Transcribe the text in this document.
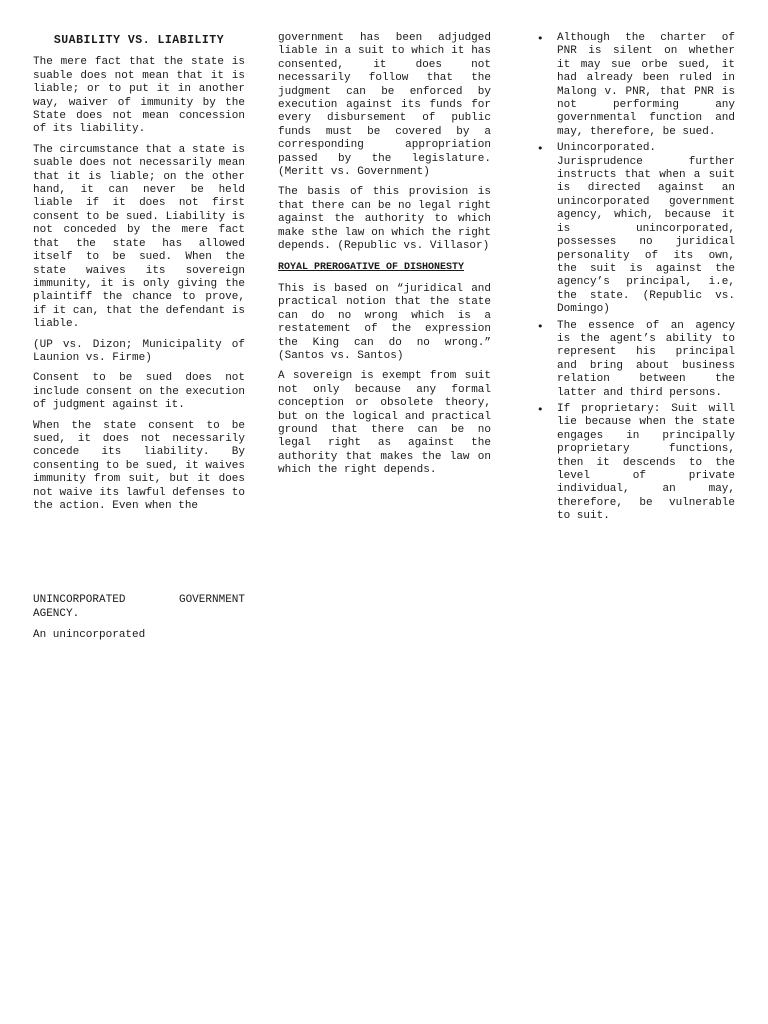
SUABILITY VS. LIABILITY

The mere fact that the state is suable does not mean that it is liable; or to put it in another way, waiver of immunity by the State does not mean concession of its liability.

The circumstance that a state is suable does not necessarily mean that it is liable; on the other hand, it can never be held liable if it does not first consent to be sued. Liability is not conceded by the mere fact that the state has allowed itself to be sued. When the state waives its sovereign immunity, it is only giving the plaintiff the chance to prove, if it can, that the defendant is liable.

(UP vs. Dizon; Municipality of Launion vs. Firme)

Consent to be sued does not include consent on the execution of judgment against it.

When the state consent to be sued, it does not necessarily concede its liability. By consenting to be sued, it waives immunity from suit, but it does not waive its lawful defenses to the action. Even when the

UNINCORPORATED GOVERNMENT AGENCY.

An unincorporated

government has been adjudged liable in a suit to which it has consented, it does not necessarily follow that the judgment can be enforced by execution against its funds for every disbursement of public funds must be covered by a corresponding appropriation passed by the legislature. (Meritt vs. Government)

The basis of this provision is that there can be no legal right against the authority to which make sthe law on which the right depends. (Republic vs. Villasor)

ROYAL PREROGATIVE OF DISHONESTY

This is based on “juridical and practical notion that the state can do no wrong which is a restatement of the expression the King can do no wrong.” (Santos vs. Santos)

A sovereign is exempt from suit not only because any formal conception or obsolete theory, but on the logical and practical ground that there can be no legal right as against the authority that makes the law on which the right depends.

• Although the charter of PNR is silent on whether it may sue orbe sued, it had already been ruled in Malong v. PNR, that PNR is not performing any governmental function and may, therefore, be sued.
• Unincorporated. Jurisprudence further instructs that when a suit is directed against an unincorporated government agency, which, because it is unincorporated, possesses no juridical personality of its own, the suit is against the agency’s principal, i.e, the state. (Republic vs. Domingo)
• The essence of an agency is the agent’s ability to represent his principal and bring about business relation between the latter and third persons.
• If proprietary: Suit will lie because when the state engages in principally proprietary functions, then it descends to the level of private individual, an may, therefore, be vulnerable to suit.
